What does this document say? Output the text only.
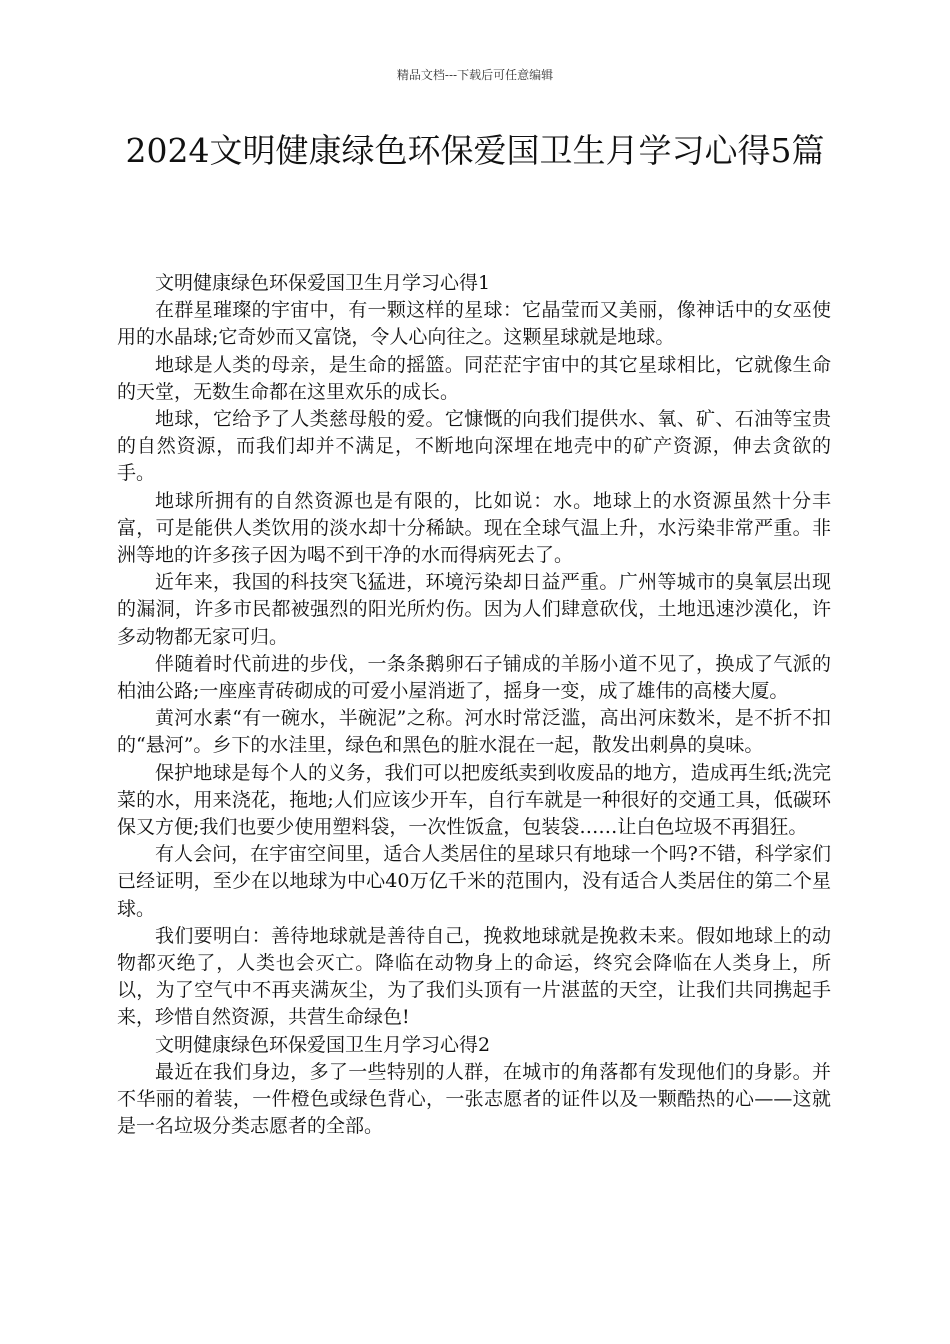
精品文档---下载后可任意编辑
2024文明健康绿色环保爱国卫生月学习心得5篇

文明健康绿色环保爱国卫生月学习心得1

在群星璀璨的宇宙中，有一颗这样的星球：它晶莹而又美丽，像神话中的女巫使用的水晶球;它奇妙而又富饶，令人心向往之。这颗星球就是地球。

地球是人类的母亲，是生命的摇篮。同茫茫宇宙中的其它星球相比，它就像生命的天堂，无数生命都在这里欢乐的成长。

地球，它给予了人类慈母般的爱。它慷慨的向我们提供水、氧、矿、石油等宝贵的自然资源，而我们却并不满足，不断地向深埋在地壳中的矿产资源，伸去贪欲的手。

地球所拥有的自然资源也是有限的，比如说：水。地球上的水资源虽然十分丰富，可是能供人类饮用的淡水却十分稀缺。现在全球气温上升，水污染非常严重。非洲等地的许多孩子因为喝不到干净的水而得病死去了。

近年来，我国的科技突飞猛进，环境污染却日益严重。广州等城市的臭氧层出现的漏洞，许多市民都被强烈的阳光所灼伤。因为人们肆意砍伐，土地迅速沙漠化，许多动物都无家可归。

伴随着时代前进的步伐，一条条鹅卵石子铺成的羊肠小道不见了，换成了气派的柏油公路;一座座青砖砌成的可爱小屋消逝了，摇身一变，成了雄伟的高楼大厦。

黄河水素“有一碗水，半碗泥”之称。河水时常泛滥，高出河床数米，是不折不扣的“悬河”。乡下的水洼里，绿色和黑色的脏水混在一起，散发出刺鼻的臭味。

保护地球是每个人的义务，我们可以把废纸卖到收废品的地方，造成再生纸;洗完菜的水，用来浇花，拖地;人们应该少开车，自行车就是一种很好的交通工具，低碳环保又方便;我们也要少使用塑料袋，一次性饭盒，包装袋……让白色垃圾不再猖狂。

有人会问，在宇宙空间里，适合人类居住的星球只有地球一个吗?不错，科学家们已经证明，至少在以地球为中心40万亿千米的范围内，没有适合人类居住的第二个星球。

我们要明白：善待地球就是善待自己，挽救地球就是挽救未来。假如地球上的动物都灭绝了，人类也会灭亡。降临在动物身上的命运，终究会降临在人类身上，所以，为了空气中不再夹满灰尘，为了我们头顶有一片湛蓝的天空，让我们共同携起手来，珍惜自然资源，共营生命绿色!

文明健康绿色环保爱国卫生月学习心得2

最近在我们身边，多了一些特别的人群，在城市的角落都有发现他们的身影。并不华丽的着装，一件橙色或绿色背心，一张志愿者的证件以及一颗酷热的心——这就是一名垃圾分类志愿者的全部。
